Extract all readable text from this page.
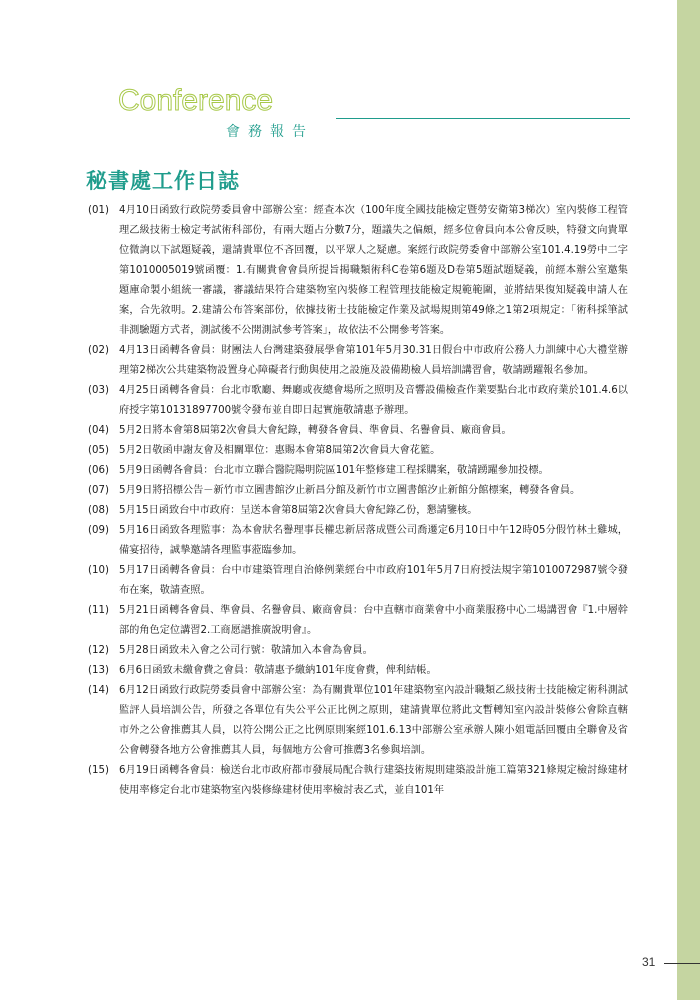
Conference
會務報告
秘書處工作日誌
(01) 4月10日函致行政院勞委員會中部辦公室：經查本次（100年度全國技能檢定暨勞安衛第3梯次）室內裝修工程管理乙級技術士檢定考試術科部份，有兩大題占分數7分，題議失之偏頗，經多位會員向本公會反映，特發文向貴單位微詢以下試題疑義，還請貴單位不吝回覆，以平眾人之疑慮。案經行政院勞委會中部辦公室101.4.19勞中二字第1010005019號函覆：1.有關貴會會員所提旨揭職類術科C卷第6題及D卷第5題試題疑義，前經本辦公室邀集題庫命製小組統一審議，審議結果符合建築物室內裝修工程管理技能檢定規範範圍，並將結果復知疑義申請人在案，合先敘明。2.建請公布答案部份，依據技術士技能檢定作業及試場規則第49條之1第2項規定：「術科採筆試非測驗題方式者，測試後不公開測試參考答案」，故依法不公開參考答案。
(02) 4月13日函轉各會員：財團法人台灣建築發展學會第101年5月30.31日假台中市政府公務人力訓練中心大禮堂辦理第2梯次公共建築物設置身心障礙者行動與使用之設施及設備勘檢人員培訓講習會，敬請踴躍報名參加。
(03) 4月25日函轉各會員：台北市歌廳、舞廳或夜總會場所之照明及音響設備檢查作業要點台北市政府業於101.4.6以府授字第10131897700號令發布並自即日起實施敬請惠予辦理。
(04) 5月2日將本會第8屆第2次會員大會紀錄，轉發各會員、準會員、名譽會員、廠商會員。
(05) 5月2日敬函申謝友會及相關單位：惠賜本會第8屆第2次會員大會花籃。
(06) 5月9日函轉各會員：台北市立聯合醫院陽明院區101年整修建工程採購案，敬請踴躍參加投標。
(07) 5月9日將招標公告－新竹市立圖書館汐止新昌分館及新竹市立圖書館汐止新館分館標案，轉發各會員。
(08) 5月15日函致台中市政府：呈送本會第8屆第2次會員大會紀錄乙份，懇請鑒核。
(09) 5月16日函致各理監事：為本會狀名譽理事長權忠新居落成暨公司喬遷定6月10日中午12時05分假竹林土雞城，備宴招待，誠摯邀請各理監事蒞臨參加。
(10) 5月17日函轉各會員：台中市建築管理自治條例業經台中市政府101年5月7日府授法規字第1010072987號令發布在案，敬請查照。
(11) 5月21日函轉各會員、準會員、名譽會員、廠商會員：台中直轄市商業會中小商業服務中心二場講習會『1.中層幹部的角色定位講習2.工商愿譜推廣說明會』。
(12) 5月28日函致未入會之公司行號：敬請加入本會為會員。
(13) 6月6日函致未繳會費之會員：敬請惠予繳納101年度會費，俾利結帳。
(14) 6月12日函致行政院勞委員會中部辦公室：為有關貴單位101年建築物室內設計職類乙級技術士技能檢定術科測試監評人員培訓公告，所發之各單位有失公平公正比例之原則，建請貴單位將此文暫轉知室內設計裝修公會除直轄市外之公會推薦其人員，以符公開公正之比例原則案經101.6.13中部辦公室承辦人陳小姐電話回覆由全聯會及省公會轉發各地方公會推薦其人員，每個地方公會可推薦3名參與培訓。
(15) 6月19日函轉各會員：檢送台北市政府都市發展局配合執行建築技術規則建築設計施工篇第321條規定檢討綠建材使用率修定台北市建築物室內裝修綠建材使用率檢討表乙式，並自101年
31
